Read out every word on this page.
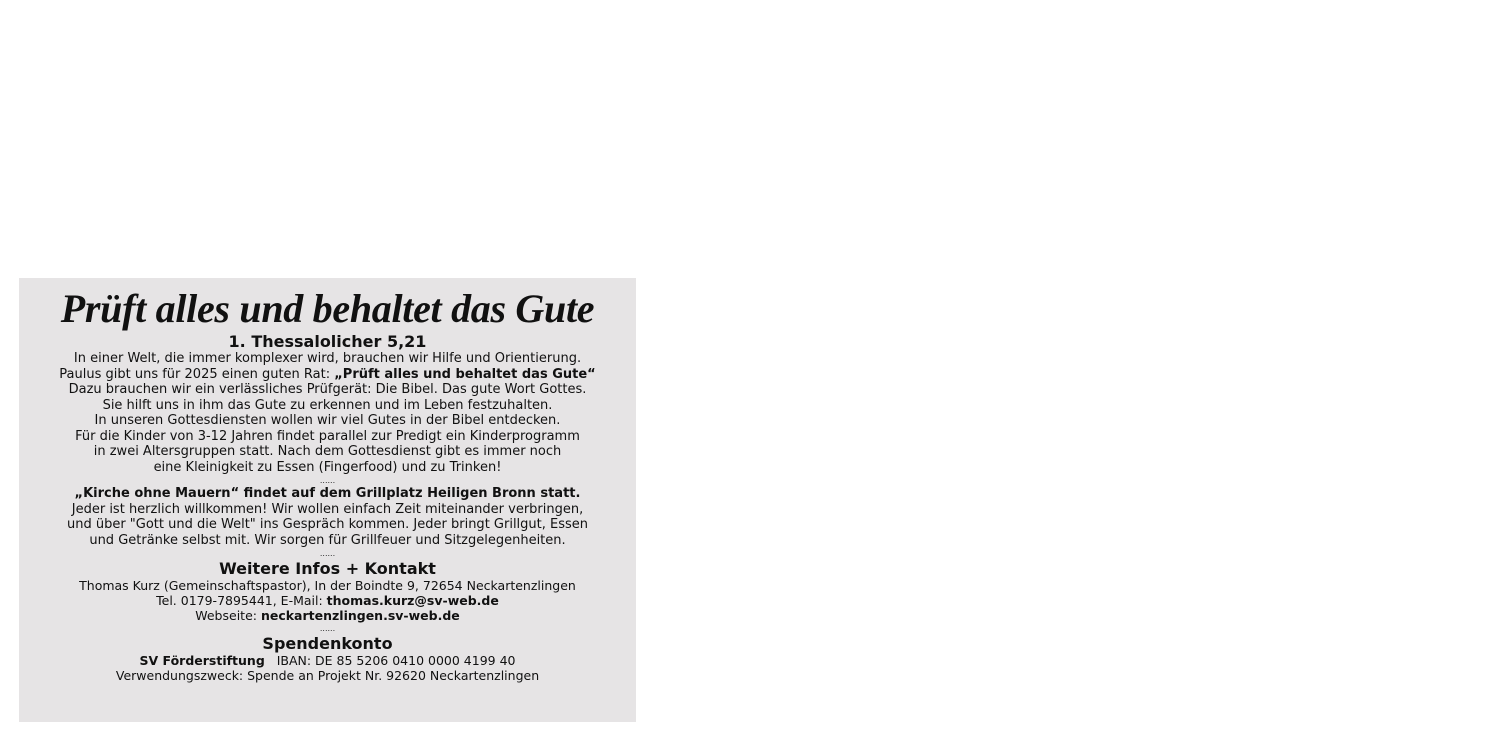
Prüft alles und behaltet das Gute
1. Thessalolicher 5,21
In einer Welt, die immer komplexer wird, brauchen wir Hilfe und Orientierung.
Paulus gibt uns für 2025 einen guten Rat: „Prüft alles und behaltet das Gute“
Dazu brauchen wir ein verlässliches Prüfgerät: Die Bibel. Das gute Wort Gottes.
Sie hilft uns in ihm das Gute zu erkennen und im Leben festzuhalten.
In unseren Gottesdiensten wollen wir viel Gutes in der Bibel entdecken.
Für die Kinder von 3-12 Jahren findet parallel zur Predigt ein Kinderprogramm
in zwei Altersgruppen statt. Nach dem Gottesdienst gibt es immer noch
eine Kleinigkeit zu Essen (Fingerfood) und zu Trinken!
......
„Kirche ohne Mauern“ findet auf dem Grillplatz Heiligen Bronn statt.
Jeder ist herzlich willkommen! Wir wollen einfach Zeit miteinander verbringen,
und über "Gott und die Welt" ins Gespräch kommen. Jeder bringt Grillgut, Essen
und Getränke selbst mit. Wir sorgen für Grillfeuer und Sitzgelegenheiten.
......
Weitere Infos + Kontakt
Thomas Kurz (Gemeinschaftspastor), In der Boindte 9, 72654 Neckartenzlingen
Tel. 0179-7895441, E-Mail: thomas.kurz@sv-web.de
Webseite: neckartenzlingen.sv-web.de
......
Spendenkonto
SV Förderstiftung IBAN: DE 85 5206 0410 0000 4199 40
Verwendungszweck: Spende an Projekt Nr. 92620 Neckartenzlingen
